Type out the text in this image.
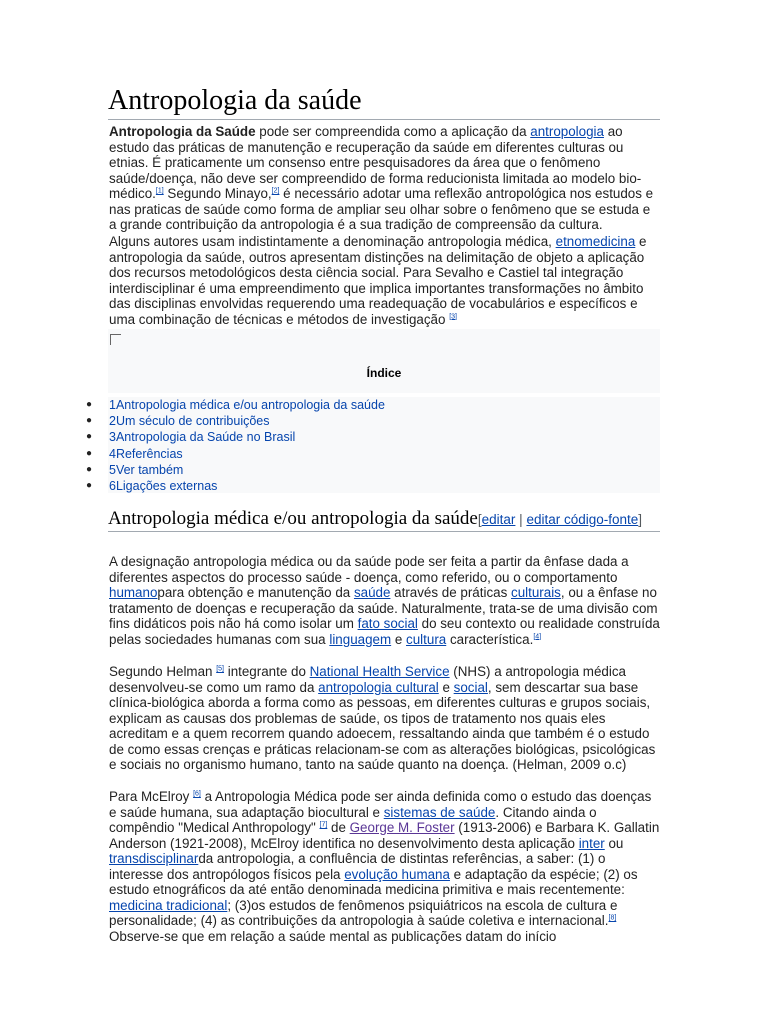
Antropologia da saúde

Antropologia da Saúde pode ser compreendida como a aplicação da antropologia ao estudo das práticas de manutenção e recuperação da saúde em diferentes culturas ou etnias. É praticamente um consenso entre pesquisadores da área que o fenômeno saúde/doença, não deve ser compreendido de forma reducionista limitada ao modelo bio-médico.[1] Segundo Minayo,[2] é necessário adotar uma reflexão antropológica nos estudos e nas praticas de saúde como forma de ampliar seu olhar sobre o fenômeno que se estuda e a grande contribuição da antropologia é a sua tradição de compreensão da cultura.

Alguns autores usam indistintamente a denominação antropologia médica, etnomedicina e antropologia da saúde, outros apresentam distinções na delimitação de objeto a aplicação dos recursos metodológicos desta ciência social. Para Sevalho e Castiel tal integração interdisciplinar é uma empreendimento que implica importantes transformações no âmbito das disciplinas envolvidas requerendo uma readequação de vocabulários e específicos e uma combinação de técnicas e métodos de investigação [3]

Índice
● 1Antropologia médica e/ou antropologia da saúde
● 2Um século de contribuições
● 3Antropologia da Saúde no Brasil
● 4Referências
● 5Ver também
● 6Ligações externas
Antropologia médica e/ou antropologia da saúde[editar | editar código-fonte]

A designação antropologia médica ou da saúde pode ser feita a partir da ênfase dada a diferentes aspectos do processo saúde - doença, como referido, ou o comportamento humanopara obtenção e manutenção da saúde através de práticas culturais, ou a ênfase no tratamento de doenças e recuperação da saúde. Naturalmente, trata-se de uma divisão com fins didáticos pois não há como isolar um fato social do seu contexto ou realidade construída pelas sociedades humanas com sua linguagem e cultura característica.[4]

Segundo Helman [5] integrante do National Health Service (NHS) a antropologia médica desenvolveu-se como um ramo da antropologia cultural e social, sem descartar sua base clínica-biológica aborda a forma como as pessoas, em diferentes culturas e grupos sociais, explicam as causas dos problemas de saúde, os tipos de tratamento nos quais eles acreditam e a quem recorrem quando adoecem, ressaltando ainda que também é o estudo de como essas crenças e práticas relacionam-se com as alterações biológicas, psicológicas e sociais no organismo humano, tanto na saúde quanto na doença. (Helman, 2009 o.c)

Para McElroy [6] a Antropologia Médica pode ser ainda definida como o estudo das doenças e saúde humana, sua adaptação biocultural e sistemas de saúde. Citando ainda o compêndio "Medical Anthropology" [7] de George M. Foster (1913-2006) e Barbara K. Gallatin Anderson (1921-2008), McElroy identifica no desenvolvimento desta aplicação inter ou transdisciplinarda antropologia, a confluência de distintas referências, a saber: (1) o interesse dos antropólogos físicos pela evolução humana e adaptação da espécie; (2) os estudo etnográficos da até então denominada medicina primitiva e mais recentemente: medicina tradicional; (3)os estudos de fenômenos psiquiátricos na escola de cultura e personalidade; (4) as contribuições da antropologia à saúde coletiva e internacional.[8] Observe-se que em relação a saúde mental as publicações datam do início
